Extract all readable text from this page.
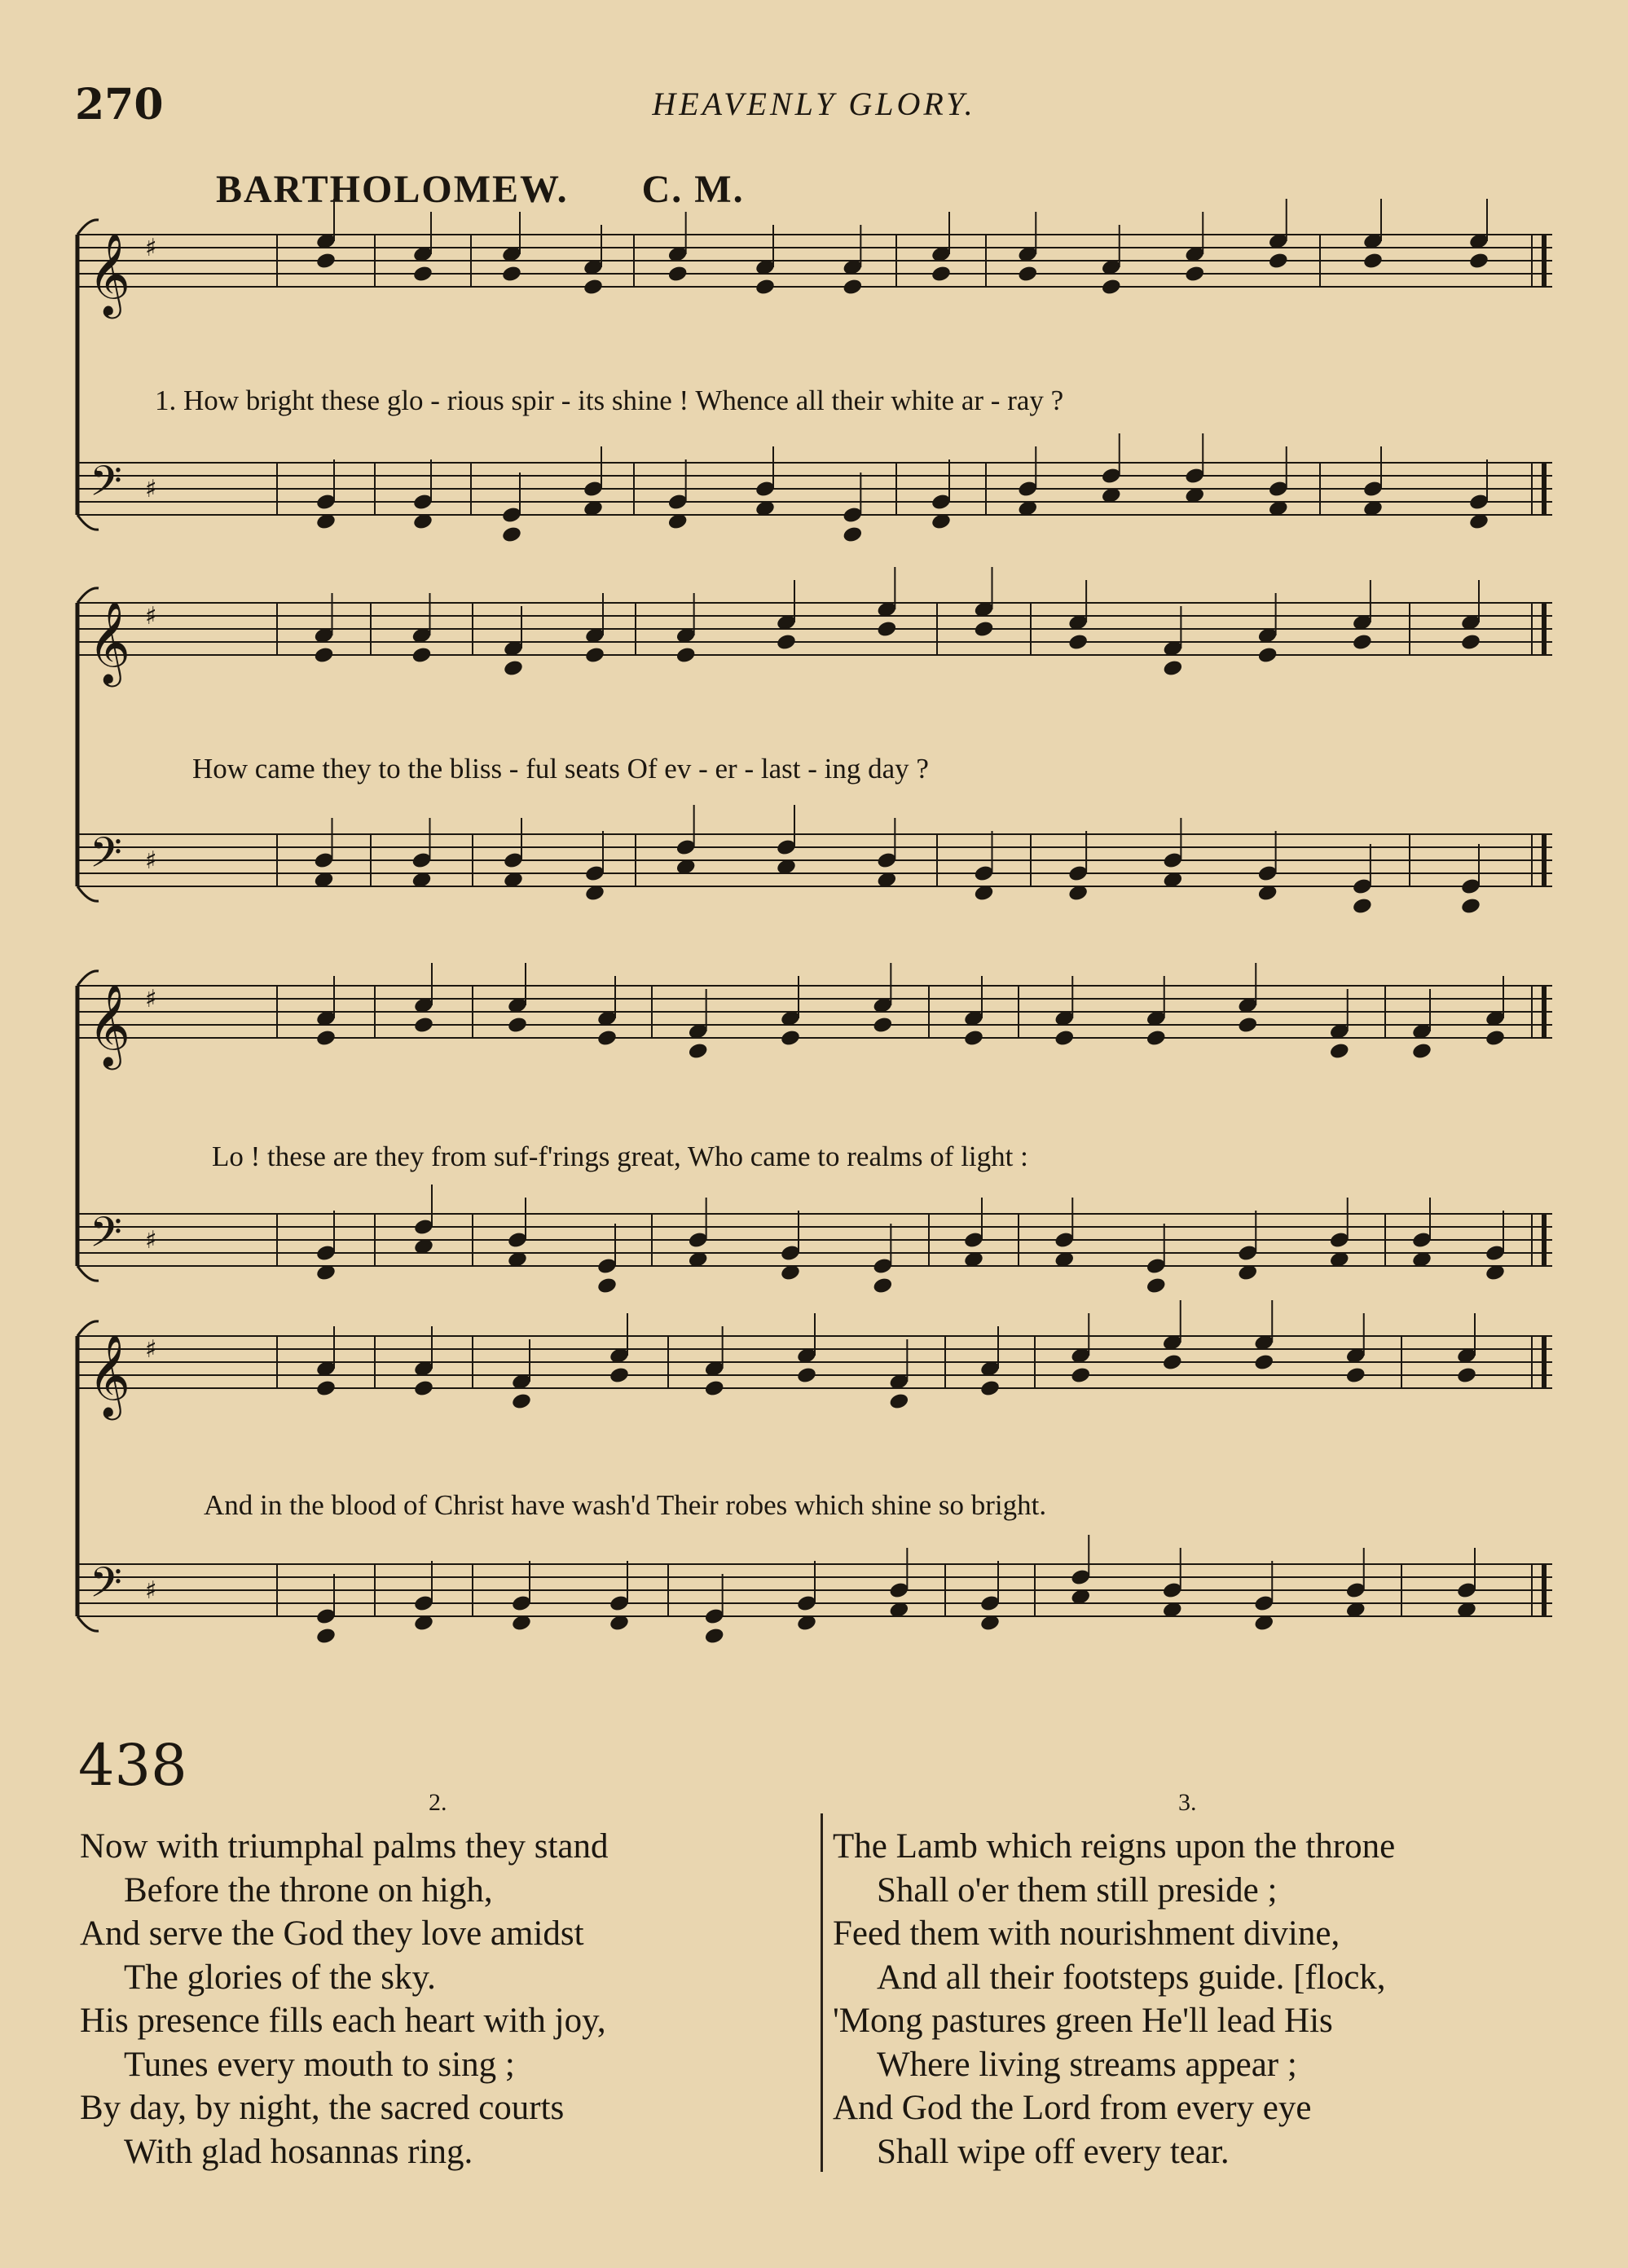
270	HEAVENLY GLORY.
BARTHOLOMEW. C. M.
𝄞 ♯
𝄢 ♯
𝄞 ♯
𝄢 ♯
𝄞 ♯
𝄢 ♯
𝄞 ♯
𝄢 ♯
1. How bright these glo - rious spir - its shine ! Whence all their white ar - ray ?
How came they to the bliss - ful seats Of ev - er - last - ing day ?
Lo ! these are they from suf-f'rings great, Who came to realms of light :
And in the blood of Christ have wash'd Their robes which shine so bright.
438
2.
Now with triumphal palms they stand
Before the throne on high,
And serve the God they love amidst
The glories of the sky.
His presence fills each heart with joy,
Tunes every mouth to sing ;
By day, by night, the sacred courts
With glad hosannas ring.
3.
The Lamb which reigns upon the throne
Shall o'er them still preside ;
Feed them with nourishment divine,
And all their footsteps guide. [flock,
'Mong pastures green He'll lead His
Where living streams appear ;
And God the Lord from every eye
Shall wipe off every tear.
